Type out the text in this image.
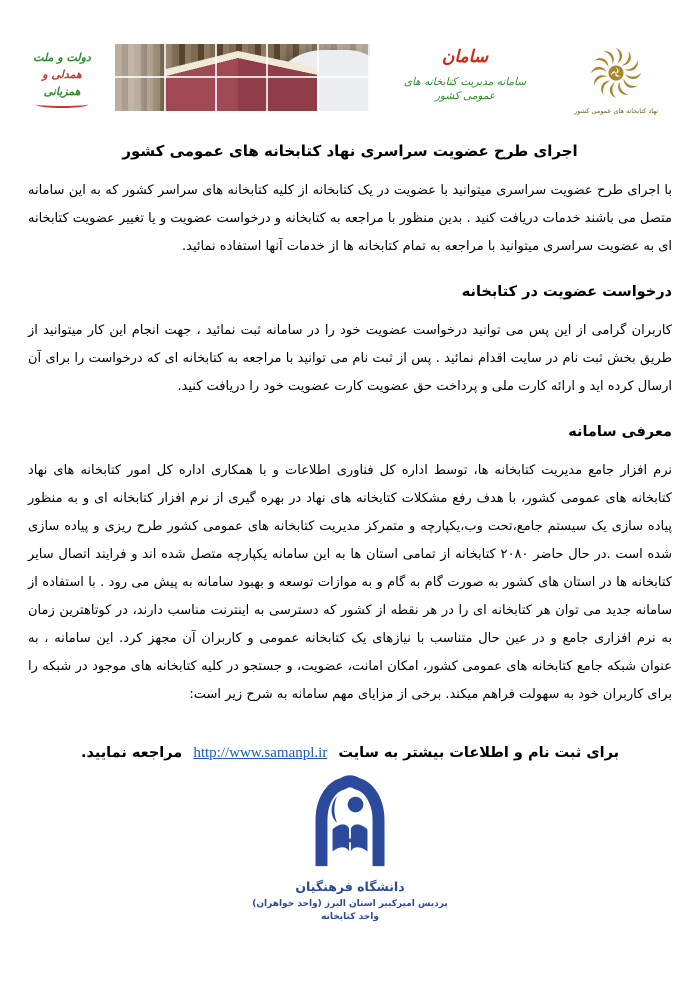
نهاد کتابخانه های عمومی کشور
سامان
سامانه مدیریت کتابخانه های عمومی کشور
دولت و ملت
همدلی و
همزبانی
اجرای طرح عضویت سراسری نهاد کتابخانه های عمومی کشور

با اجرای طرح عضویت سراسری میتوانید با عضویت در یک کتابخانه از کلیه کتابخانه های سراسر کشور که به این سامانه متصل می باشند خدمات دریافت کنید . بدین منظور با مراجعه به کتابخانه و درخواست عضویت و یا تغییر عضویت کتابخانه ای به عضویت سراسری میتوانید با مراجعه به تمام کتابخانه ها از خدمات آنها استفاده نمائید.

درخواست عضویت در کتابخانه

کاربران گرامی از این پس می توانید درخواست عضویت خود را در سامانه ثبت نمائید ، جهت انجام این کار میتوانید از طریق بخش ثبت نام در سایت اقدام نمائید . پس از ثبت نام می توانید با مراجعه به کتابخانه ای که درخواست را برای آن ارسال کرده اید و ارائه کارت ملی و پرداخت حق عضویت کارت عضویت خود را دریافت کنید.

معرفی سامانه

نرم افزار جامع مدیریت کتابخانه ها، توسط اداره کل فناوری اطلاعات و با همکاری اداره کل امور کتابخانه های نهاد کتابخانه های عمومی کشور، با هدف رفع مشکلات کتابخانه های نهاد در بهره گیری از نرم افزار کتابخانه ای و به منظور پیاده سازی یک سیستم جامع،تحت وب،یکپارچه و متمرکز مدیریت کتابخانه های عمومی کشور طرح ریزی و پیاده سازی شده است .در حال حاضر ۲۰۸۰ کتابخانه از تمامی استان ها به این سامانه یکپارچه متصل شده اند و فرایند اتصال سایر کتابخانه ها در استان های کشور به صورت گام به گام و به موازات توسعه و بهبود سامانه به پیش می رود . با استفاده از سامانه جدید می توان هر کتابخانه ای را در هر نقطه از کشور که دسترسی به اینترنت مناسب دارند، در کوتاهترین زمان به نرم افزاری جامع و در عین حال متناسب با نیازهای یک کتابخانه عمومی و کاربران آن مجهز کرد. این سامانه ، به عنوان شبکه جامع کتابخانه های عمومی کشور، امکان امانت، عضویت، و جستجو در کلیه کتابخانه های موجود در شبکه را برای کاربران خود به سهولت فراهم میکند. برخی از مزایای مهم سامانه به شرح زیر است:

برای ثبت نام و اطلاعات بیشتر به سایت http://www.samanpl.ir مراجعه نمایید.
دانشگاه فرهنگیان
پردیس امیرکبیر استان البرز (واحد خواهران)
واحد کتابخانه
